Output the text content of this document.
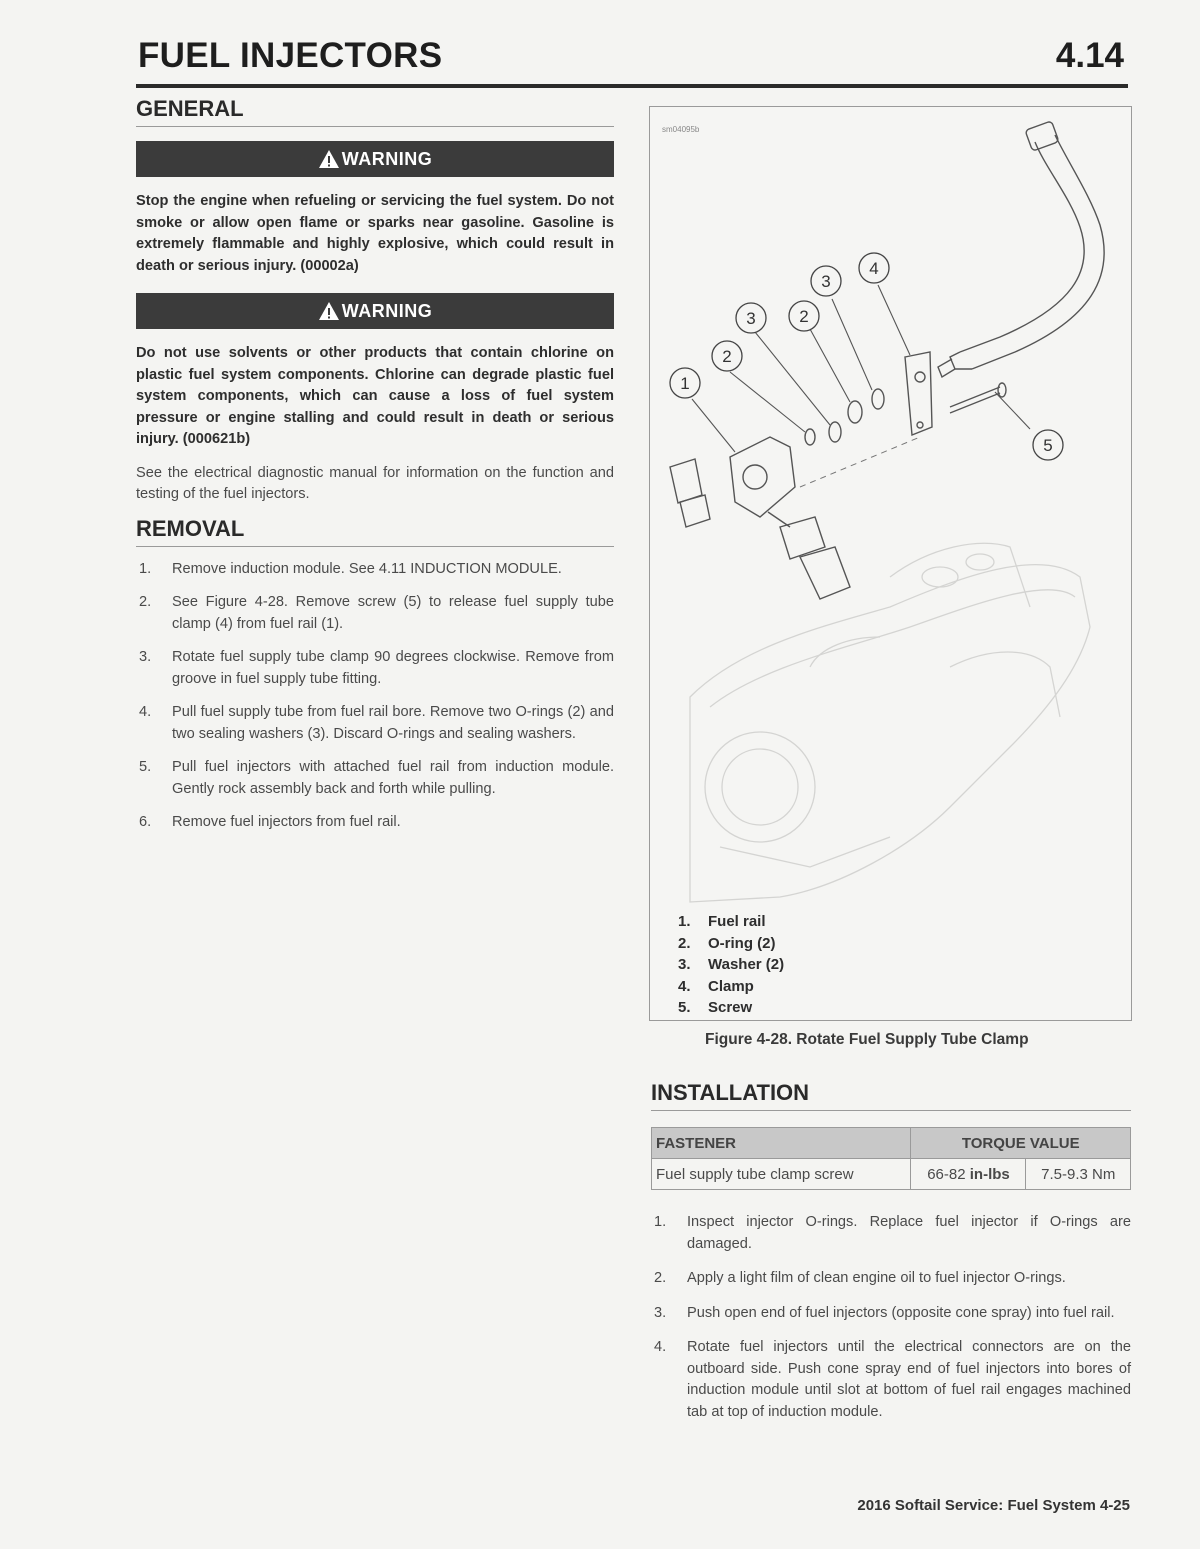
FUEL INJECTORS	4.14
GENERAL
WARNING

Stop the engine when refueling or servicing the fuel system. Do not smoke or allow open flame or sparks near gasoline. Gasoline is extremely flammable and highly explosive, which could result in death or serious injury. (00002a)

WARNING

Do not use solvents or other products that contain chlorine on plastic fuel system components. Chlorine can degrade plastic fuel system components, which can cause a loss of fuel system pressure or engine stalling and could result in death or serious injury. (000621b)

See the electrical diagnostic manual for information on the function and testing of the fuel injectors.

REMOVAL
1. Remove induction module. See 4.11 INDUCTION MODULE.
2. See Figure 4-28. Remove screw (5) to release fuel supply tube clamp (4) from fuel rail (1).
3. Rotate fuel supply tube clamp 90 degrees clockwise. Remove from groove in fuel supply tube fitting.
4. Pull fuel supply tube from fuel rail bore. Remove two O-rings (2) and two sealing washers (3). Discard O-rings and sealing washers.
5. Pull fuel injectors with attached fuel rail from induction module. Gently rock assembly back and forth while pulling.
6. Remove fuel injectors from fuel rail.
sm04095b
1
2
3	2
3
4
5
1. Fuel rail
2. O-ring (2)
3. Washer (2)
4. Clamp
5. Screw
Figure 4-28. Rotate Fuel Supply Tube Clamp
INSTALLATION
FASTENER	TORQUE VALUE	
Fuel supply tube clamp screw	66-82 in-lbs	7.5-9.3 Nm
1. Inspect injector O-rings. Replace fuel injector if O-rings are damaged.
2. Apply a light film of clean engine oil to fuel injector O-rings.
3. Push open end of fuel injectors (opposite cone spray) into fuel rail.
4. Rotate fuel injectors until the electrical connectors are on the outboard side. Push cone spray end of fuel injectors into bores of induction module until slot at bottom of fuel rail engages machined tab at top of induction module.
2016 Softail Service: Fuel System 4-25
